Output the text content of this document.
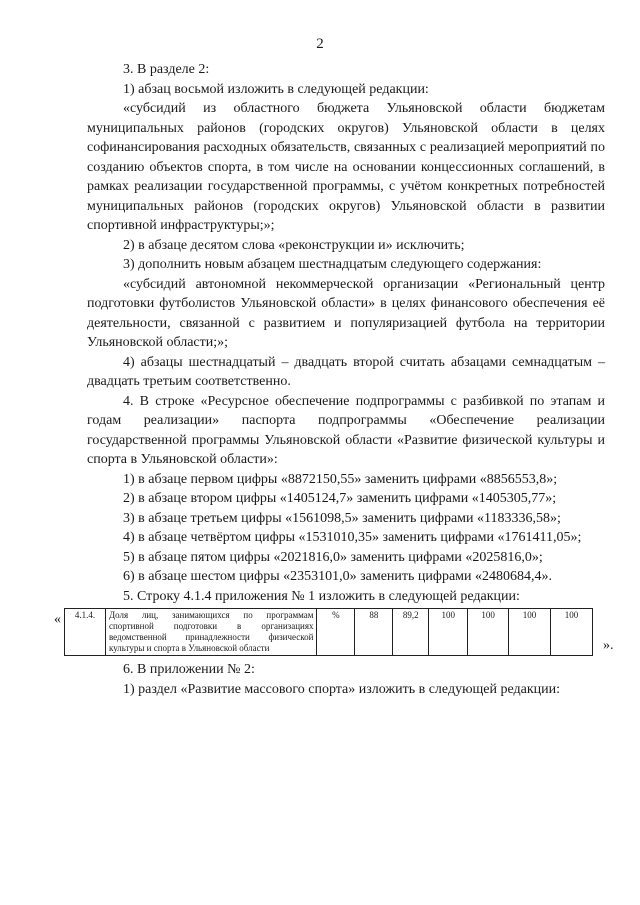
2

3. В разделе 2:

1) абзац восьмой изложить в следующей редакции:

«субсидий из областного бюджета Ульяновской области бюджетам муниципальных районов (городских округов) Ульяновской области в целях софинансирования расходных обязательств, связанных с реализацией мероприятий по созданию объектов спорта, в том числе на основании концессионных соглашений, в рамках реализации государственной программы, с учётом конкретных потребностей муниципальных районов (городских округов) Ульяновской области в развитии спортивной инфраструктуры;»;

2) в абзаце десятом слова «реконструкции и» исключить;

3) дополнить новым абзацем шестнадцатым следующего содержания:

«субсидий автономной некоммерческой организации «Региональный центр подготовки футболистов Ульяновской области» в целях финансового обеспечения её деятельности, связанной с развитием и популяризацией футбола на территории Ульяновской области;»;

4) абзацы шестнадцатый – двадцать второй считать абзацами семнадцатым – двадцать третьим соответственно.

4. В строке «Ресурсное обеспечение подпрограммы с разбивкой по этапам и годам реализации» паспорта подпрограммы «Обеспечение реализации государственной программы Ульяновской области «Развитие физической культуры и спорта в Ульяновской области»:

1) в абзаце первом цифры «8872150,55» заменить цифрами «8856553,8»;

2) в абзаце втором цифры «1405124,7» заменить цифрами «1405305,77»;

3) в абзаце третьем цифры «1561098,5» заменить цифрами «1183336,58»;

4) в абзаце четвёртом цифры «1531010,35» заменить цифрами «1761411,05»;

5) в абзаце пятом цифры «2021816,0» заменить цифрами «2025816,0»;

6) в абзаце шестом цифры «2353101,0» заменить цифрами «2480684,4».

5. Строку 4.1.4 приложения № 1 изложить в следующей редакции:

« 4.1.4.	Доля лиц, занимающихся по программам спортивной подготовки в организациях ведомственной принадлежности физической культуры и спорта в Ульяновской области	%	88	89,2	100	100	100	100
».

6. В приложении № 2:

1) раздел «Развитие массового спорта» изложить в следующей редакции:
